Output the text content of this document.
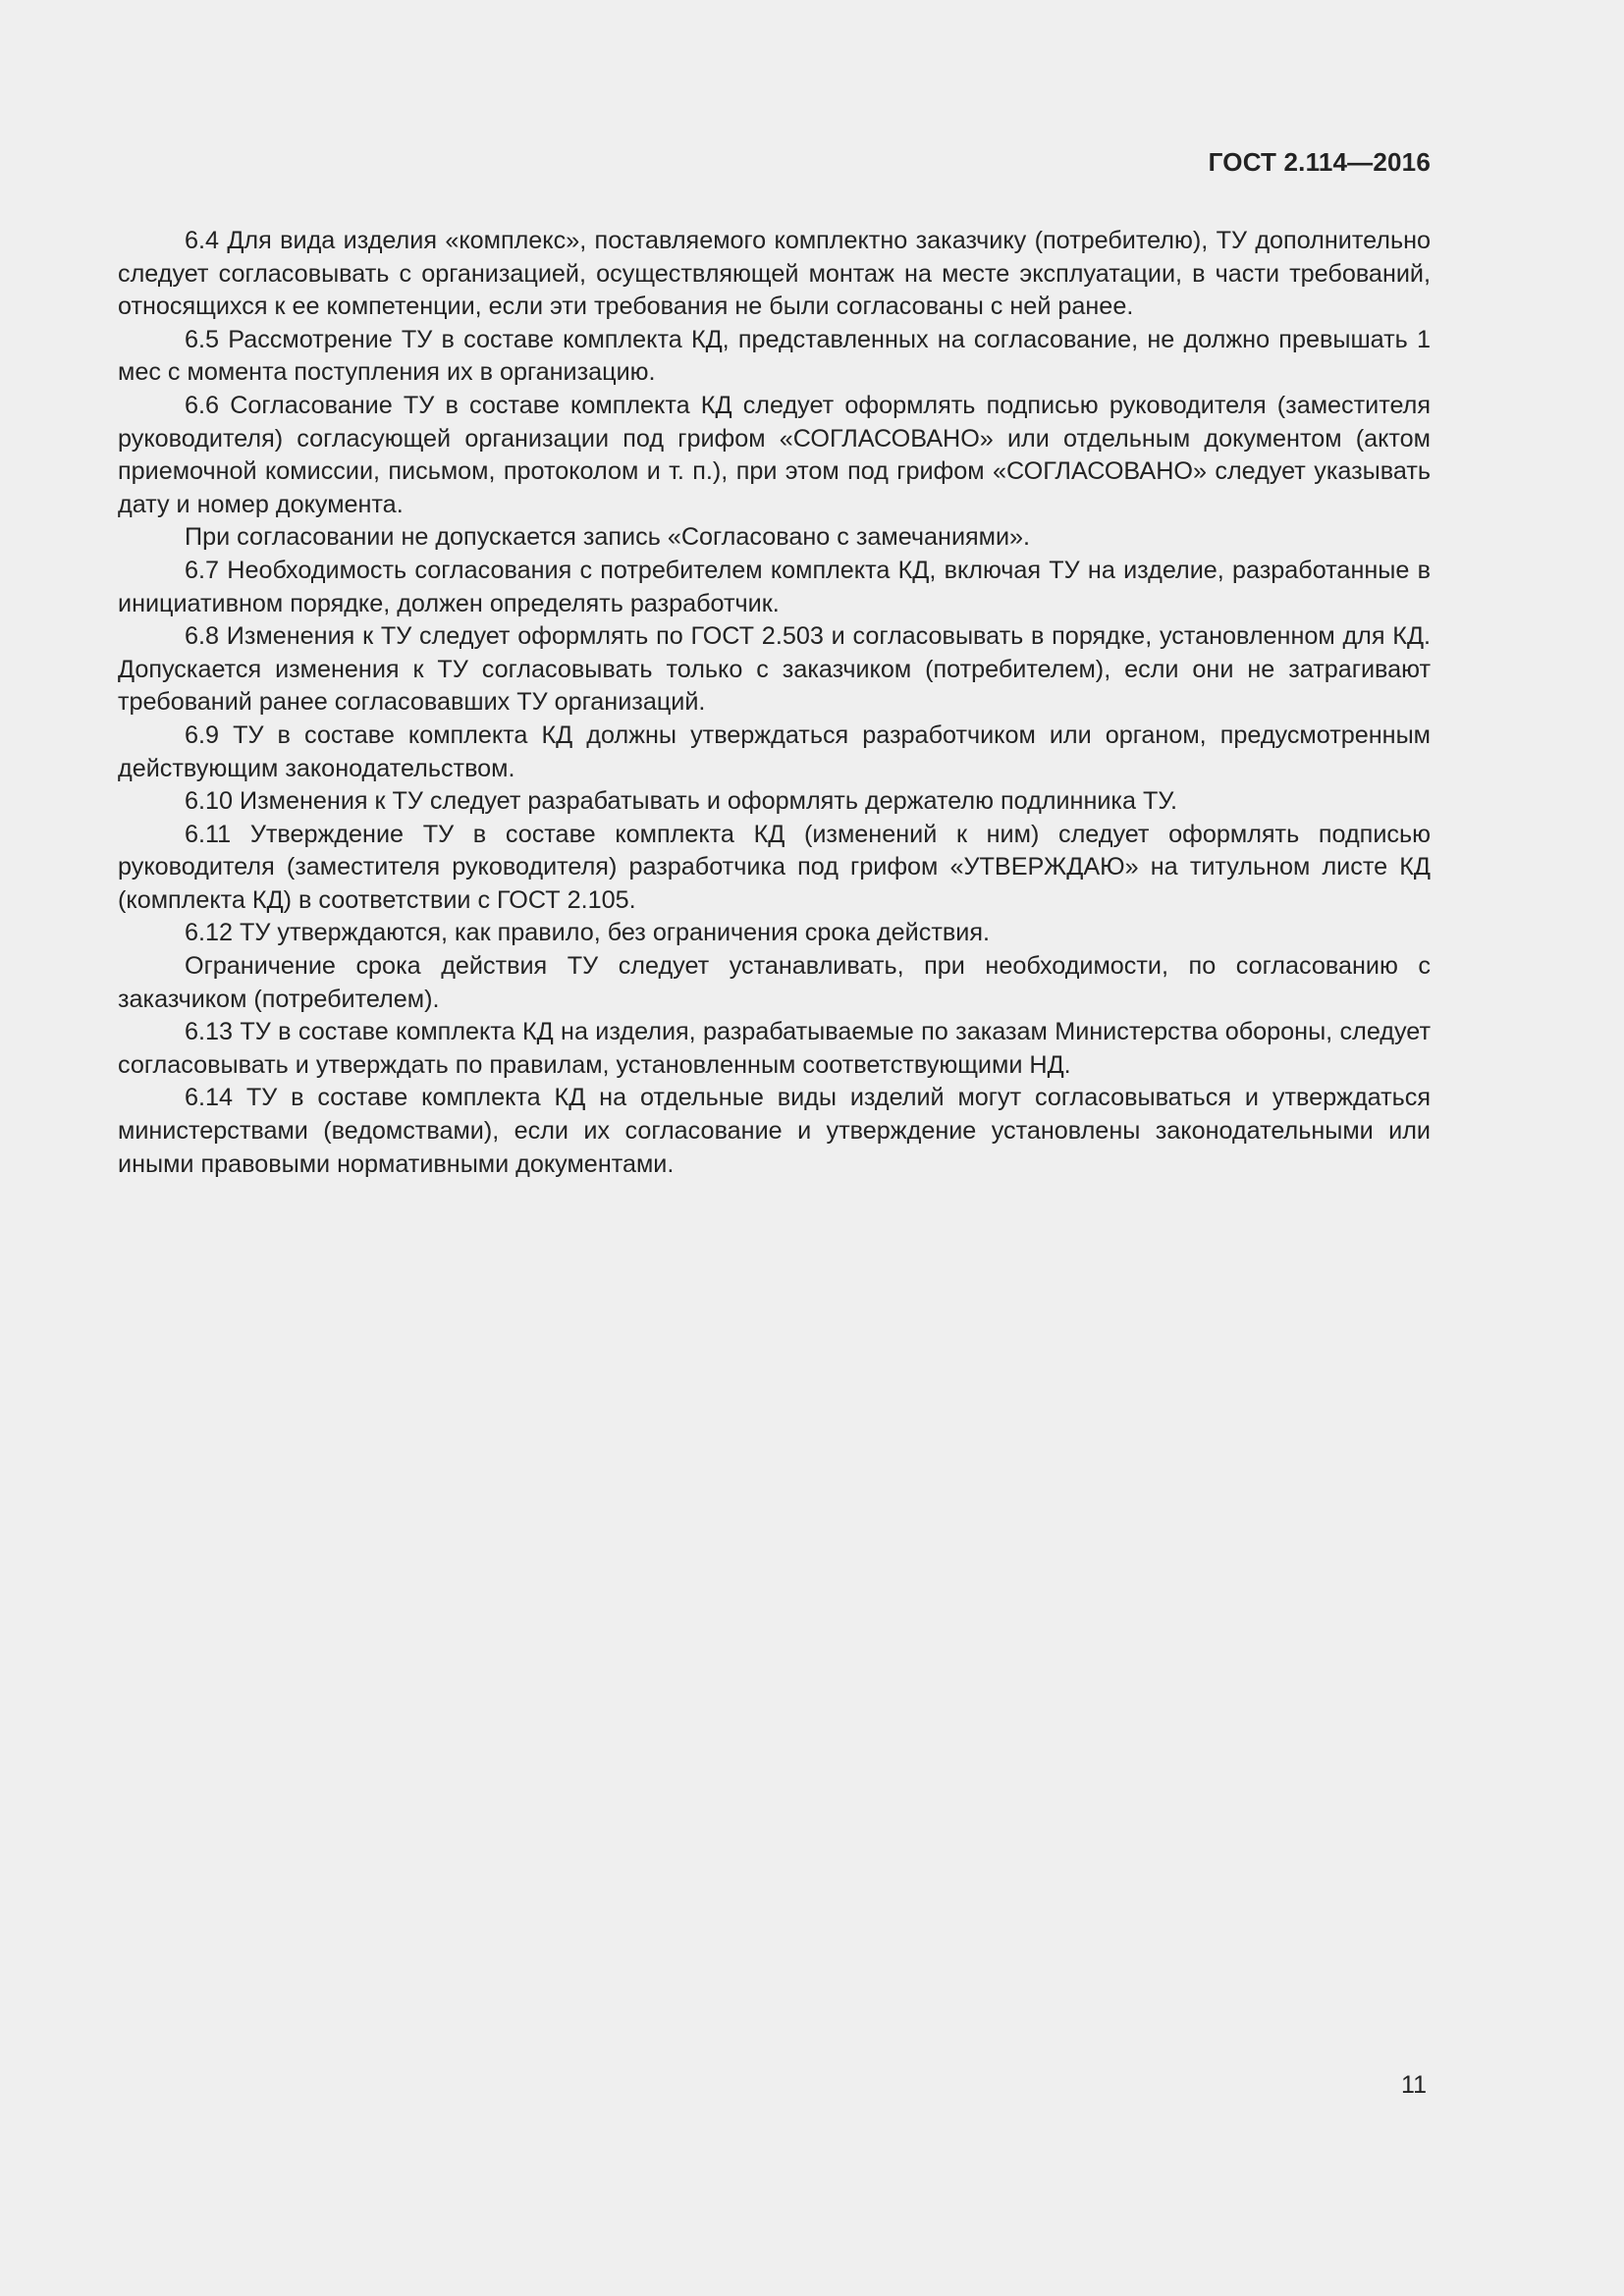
ГОСТ 2.114—2016

6.4 Для вида изделия «комплекс», поставляемого комплектно заказчику (потребителю), ТУ дополнительно следует согласовывать с организацией, осуществляющей монтаж на месте эксплуатации, в части требований, относящихся к ее компетенции, если эти требования не были согласованы с ней ранее.

6.5 Рассмотрение ТУ в составе комплекта КД, представленных на согласование, не должно превышать 1 мес с момента поступления их в организацию.

6.6 Согласование ТУ в составе комплекта КД следует оформлять подписью руководителя (заместителя руководителя) согласующей организации под грифом «СОГЛАСОВАНО» или отдельным документом (актом приемочной комиссии, письмом, протоколом и т. п.), при этом под грифом «СОГЛАСОВАНО» следует указывать дату и номер документа.

При согласовании не допускается запись «Согласовано с замечаниями».

6.7 Необходимость согласования с потребителем комплекта КД, включая ТУ на изделие, разработанные в инициативном порядке, должен определять разработчик.

6.8 Изменения к ТУ следует оформлять по ГОСТ 2.503 и согласовывать в порядке, установленном для КД. Допускается изменения к ТУ согласовывать только с заказчиком (потребителем), если они не затрагивают требований ранее согласовавших ТУ организаций.

6.9 ТУ в составе комплекта КД должны утверждаться разработчиком или органом, предусмотренным действующим законодательством.

6.10 Изменения к ТУ следует разрабатывать и оформлять держателю подлинника ТУ.

6.11 Утверждение ТУ в составе комплекта КД (изменений к ним) следует оформлять подписью руководителя (заместителя руководителя) разработчика под грифом «УТВЕРЖДАЮ» на титульном листе КД (комплекта КД) в соответствии с ГОСТ 2.105.

6.12 ТУ утверждаются, как правило, без ограничения срока действия.

Ограничение срока действия ТУ следует устанавливать, при необходимости, по согласованию с заказчиком (потребителем).

6.13 ТУ в составе комплекта КД на изделия, разрабатываемые по заказам Министерства обороны, следует согласовывать и утверждать по правилам, установленным соответствующими НД.

6.14 ТУ в составе комплекта КД на отдельные виды изделий могут согласовываться и утверждаться министерствами (ведомствами), если их согласование и утверждение установлены законодательными или иными правовыми нормативными документами.

11
